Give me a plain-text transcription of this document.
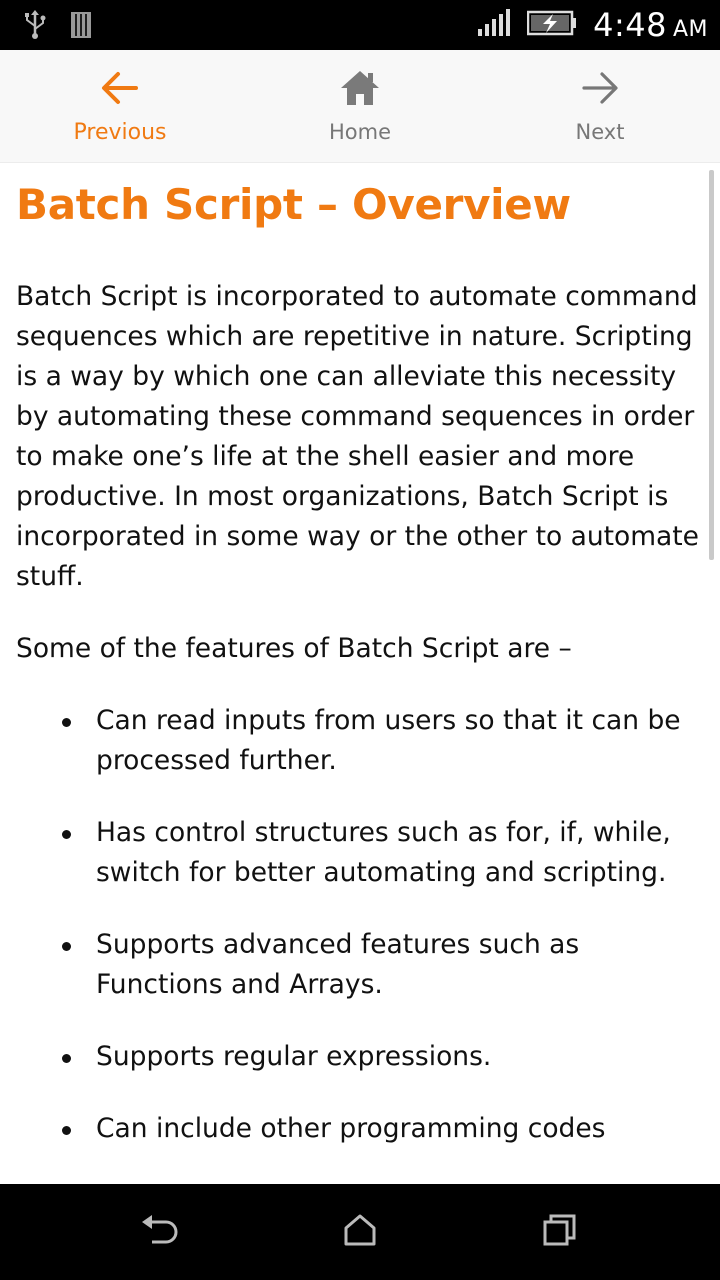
4:48 AM
Previous	Home	Next
Batch Script – Overview

Batch Script is incorporated to automate command sequences which are repetitive in nature. Scripting is a way by which one can alleviate this necessity by automating these command sequences in order to make one’s life at the shell easier and more productive. In most organizations, Batch Script is incorporated in some way or the other to automate stuff.

Some of the features of Batch Script are –

Can read inputs from users so that it can be processed further.
Has control structures such as for, if, while, switch for better automating and scripting.
Supports advanced features such as Functions and Arrays.
Supports regular expressions.
Can include other programming codes
